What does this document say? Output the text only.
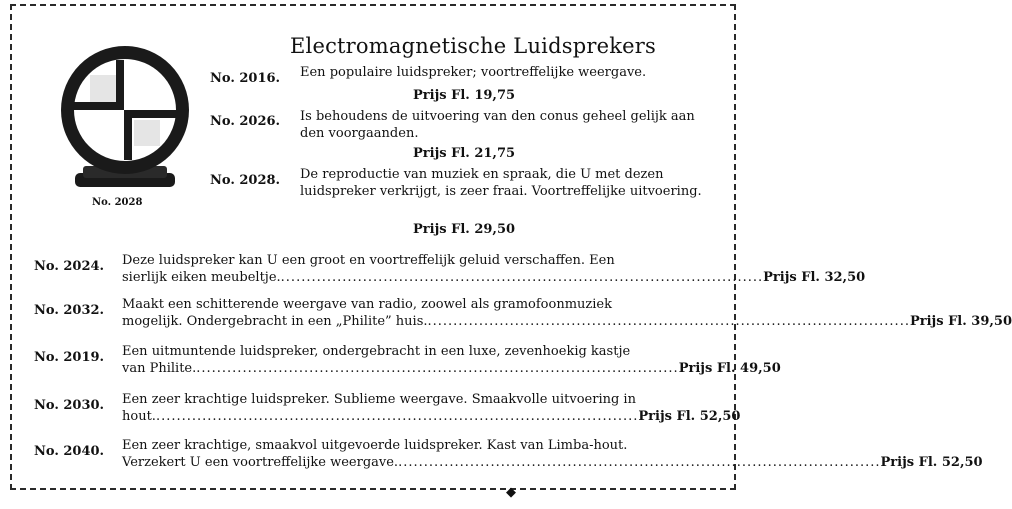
◆
Electromagnetische Luidsprekers
No. 2028
No. 2016. Een populaire luidspreker; voortreffelijke weergave.
Prijs Fl. 19,75
No. 2026. Is behoudens de uitvoering van den conus geheel gelijk aan den voorgaanden.
Prijs Fl. 21,75
No. 2028. De reproductie van muziek en spraak, die U met dezen luidspreker verkrijgt, is zeer fraai. Voortreffelijke uitvoering.
Prijs Fl. 29,50
No. 2024. Deze luidspreker kan U een groot en voortreffelijk geluid verschaffen. Een
sierlijk eiken meubeltje. .............................................................................................. Prijs Fl. 32,50
No. 2032. Maakt een schitterende weergave van radio, zoowel als gramofoonmuziek
mogelijk. Ondergebracht in een „Philite” huis. .............................................................................................. Prijs Fl. 39,50
No. 2019. Een uitmuntende luidspreker, ondergebracht in een luxe, zevenhoekig kastje
van Philite. .............................................................................................. Prijs Fl. 49,50
No. 2030. Een zeer krachtige luidspreker. Sublieme weergave. Smaakvolle uitvoering in
hout. .............................................................................................. Prijs Fl. 52,50
No. 2040. Een zeer krachtige, smaakvol uitgevoerde luidspreker. Kast van Limba-hout.
Verzekert U een voortreffelijke weergave. .............................................................................................. Prijs Fl. 52,50
